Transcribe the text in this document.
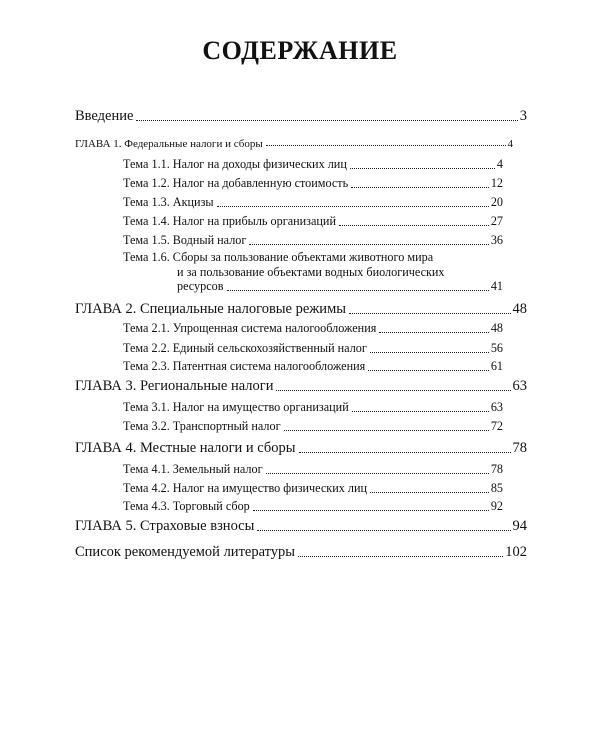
СОДЕРЖАНИЕ
Введение	3
ГЛАВА 1. Федеральные налоги и сборы	4
Тема 1.1. Налог на доходы физических лиц	4
Тема 1.2. Налог на добавленную стоимость	12
Тема 1.3. Акцизы	20
Тема 1.4. Налог на прибыль организаций	27
Тема 1.5. Водный налог	36
Тема 1.6. Сборы за пользование объектами животного мира
и за пользование объектами водных биологических
ресурсов	41
ГЛАВА 2. Специальные налоговые режимы	48
Тема 2.1. Упрощенная система налогообложения	48
Тема 2.2. Единый сельскохозяйственный налог	56
Тема 2.3. Патентная система налогообложения	61
ГЛАВА 3. Региональные налоги	63
Тема 3.1. Налог на имущество организаций	63
Тема 3.2. Транспортный налог	72
ГЛАВА 4. Местные налоги и сборы	78
Тема 4.1. Земельный налог	78
Тема 4.2. Налог на имущество физических лиц	85
Тема 4.3. Торговый сбор	92
ГЛАВА 5. Страховые взносы	94
Список рекомендуемой литературы	102
